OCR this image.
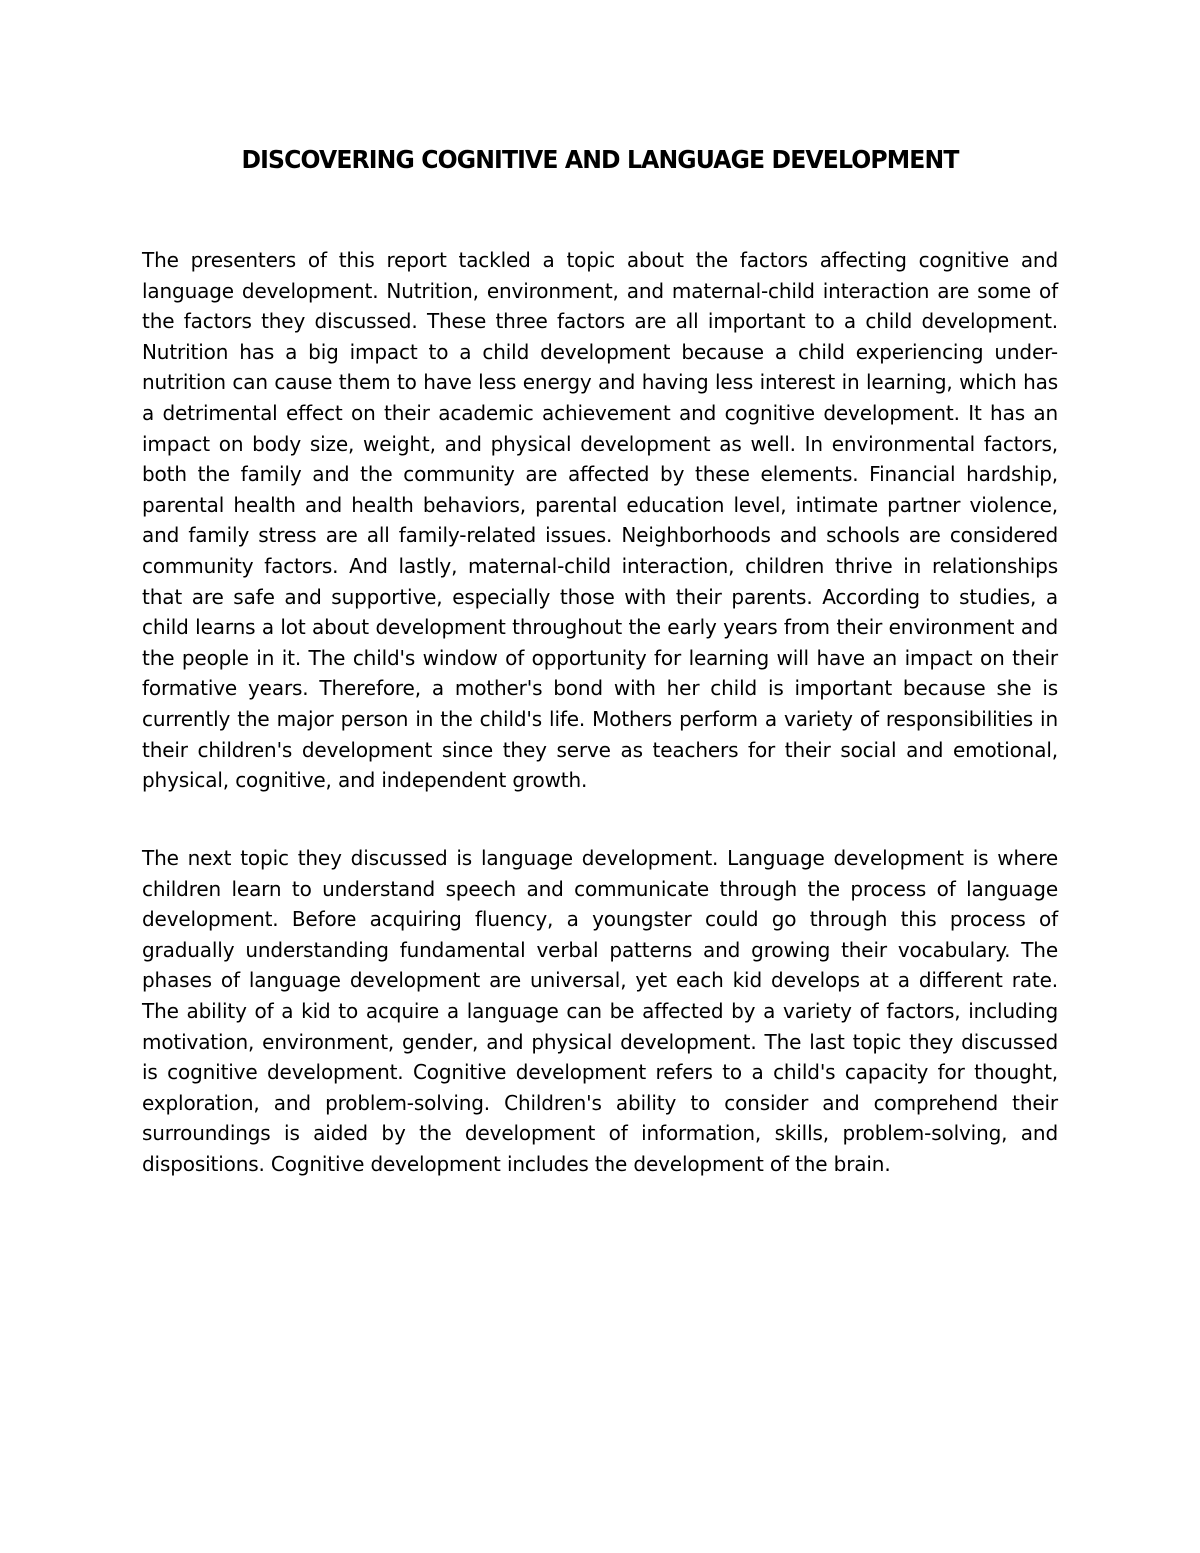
DISCOVERING COGNITIVE AND LANGUAGE DEVELOPMENT

The presenters of this report tackled a topic about the factors affecting cognitive and language development. Nutrition, environment, and maternal-child interaction are some of the factors they discussed. These three factors are all important to a child development. Nutrition has a big impact to a child development because a child experiencing under-nutrition can cause them to have less energy and having less interest in learning, which has a detrimental effect on their academic achievement and cognitive development. It has an impact on body size, weight, and physical development as well. In environmental factors, both the family and the community are affected by these elements. Financial hardship, parental health and health behaviors, parental education level, intimate partner violence, and family stress are all family-related issues. Neighborhoods and schools are considered community factors. And lastly, maternal-child interaction, children thrive in relationships that are safe and supportive, especially those with their parents. According to studies, a child learns a lot about development throughout the early years from their environment and the people in it. The child's window of opportunity for learning will have an impact on their formative years. Therefore, a mother's bond with her child is important because she is currently the major person in the child's life. Mothers perform a variety of responsibilities in their children's development since they serve as teachers for their social and emotional, physical, cognitive, and independent growth.

The next topic they discussed is language development. Language development is where children learn to understand speech and communicate through the process of language development. Before acquiring fluency, a youngster could go through this process of gradually understanding fundamental verbal patterns and growing their vocabulary. The phases of language development are universal, yet each kid develops at a different rate. The ability of a kid to acquire a language can be affected by a variety of factors, including motivation, environment, gender, and physical development. The last topic they discussed is cognitive development. Cognitive development refers to a child's capacity for thought, exploration, and problem-solving. Children's ability to consider and comprehend their surroundings is aided by the development of information, skills, problem-solving, and dispositions. Cognitive development includes the development of the brain.
